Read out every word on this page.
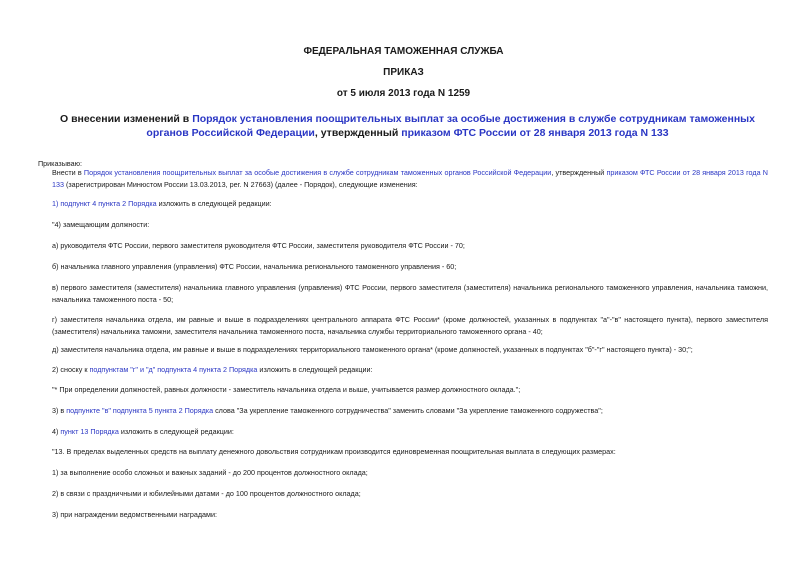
ФЕДЕРАЛЬНАЯ ТАМОЖЕННАЯ СЛУЖБА
ПРИКАЗ
от 5 июля 2013 года N 1259
О внесении изменений в Порядок установления поощрительных выплат за особые достижения в службе сотрудникам таможенных органов Российской Федерации, утвержденный приказом ФТС России от 28 января 2013 года N 133
Приказываю:
Внести в Порядок установления поощрительных выплат за особые достижения в службе сотрудникам таможенных органов Российской Федерации, утвержденный приказом ФТС России от 28 января 2013 года N 133 (зарегистрирован Минюстом России 13.03.2013, рег. N 27663) (далее - Порядок), следующие изменения:
1) подпункт 4 пункта 2 Порядка изложить в следующей редакции:
"4) замещающим должности:
а) руководителя ФТС России, первого заместителя руководителя ФТС России, заместителя руководителя ФТС России - 70;
б) начальника главного управления (управления) ФТС России, начальника регионального таможенного управления - 60;
в) первого заместителя (заместителя) начальника главного управления (управления) ФТС России, первого заместителя (заместителя) начальника регионального таможенного управления, начальника таможни, начальника таможенного поста - 50;
г) заместителя начальника отдела, им равные и выше в подразделениях центрального аппарата ФТС России* (кроме должностей, указанных в подпунктах "а"-"в" настоящего пункта), первого заместителя (заместителя) начальника таможни, заместителя начальника таможенного поста, начальника службы территориального таможенного органа - 40;
д) заместителя начальника отдела, им равные и выше в подразделениях территориального таможенного органа* (кроме должностей, указанных в подпунктах "б"-"г" настоящего пункта) - 30;";
2) сноску к подпунктам "г" и "д" подпункта 4 пункта 2 Порядка изложить в следующей редакции:
"* При определении должностей, равных должности - заместитель начальника отдела и выше, учитывается размер должностного оклада.";
3) в подпункте "в" подпункта 5 пункта 2 Порядка слова "За укрепление таможенного сотрудничества" заменить словами "За укрепление таможенного содружества";
4) пункт 13 Порядка изложить в следующей редакции:
"13. В пределах выделенных средств на выплату денежного довольствия сотрудникам производится единовременная поощрительная выплата в следующих размерах:
1) за выполнение особо сложных и важных заданий - до 200 процентов должностного оклада;
2) в связи с праздничными и юбилейными датами - до 100 процентов должностного оклада;
3) при награждении ведомственными наградами:
